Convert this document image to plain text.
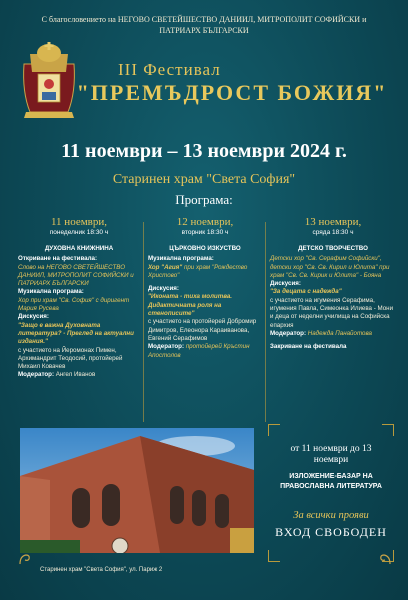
С благословението на НЕГОВО СВЕТЕЙШЕСТВО ДАНИИЛ, МИТРОПОЛИТ СОФИЙСКИ и
ПАТРИАРХ БЪЛГАРСКИ
III Фестивал
"ПРЕМЪДРОСТ БОЖИЯ"
11 ноември – 13 ноември 2024 г.
Старинен храм "Света София"
Програма:
11 ноември,
понеделник 18:30 ч
ДУХОВНА КНИЖНИНА
Откриване на фестивала:
Слово на НЕГОВО СВЕТЕЙШЕСТВО ДАНИИЛ, МИТРОПОЛИТ СОФИЙСКИ и ПАТРИАРХ БЪЛГАРСКИ
Музикална програма:
Хор при храм "Св. София" с диригент Мария Русева
Дискусия:
"Защо е важна Духовната литература? - Преглед на актуални издания."
с участието на Йеромонах Пимен, Архимандрит Теодосий, протойерей Михаил Ковачев
Модератор: Ангел Иванов
12 ноември,
вторник 18:30 ч
ЦЪРКОВНО ИЗКУСТВО
Музикална програма:
Хор "Агия" при храм "Рождество Христово"
Дискусия:
"Иконата - тиха молитва. Дидактичната роля на стенописите"
с участието на протойерей Добромир Димитров, Елеонора Караиванова, Евгений Серафимов
Модератор: протойерей Кръстин Апостолов
13 ноември,
сряда 18:30 ч
ДЕТСКО ТВОРЧЕСТВО
Детски хор "Св. Серафим Софийски", детски хор "Св. Св. Кирил и Юлита" при храм "Св. Св. Кирик и Юлита" - Бояна
Дискусия:
"За децата с надежда"
с участието на игумения Серафима, игумения Павла, Симеонка Илиева - Мони и деца от неделни училища на Софийска епархия
Модератор: Надежда Панайотова
Закриване на фестивала
от 11 ноември до 13 ноември
ИЗЛОЖЕНИЕ-БАЗАР НА ПРАВОСЛАВНА ЛИТЕРАТУРА
За всички прояви
ВХОД СВОБОДЕН
Старинен храм "Света София", ул. Париж 2
